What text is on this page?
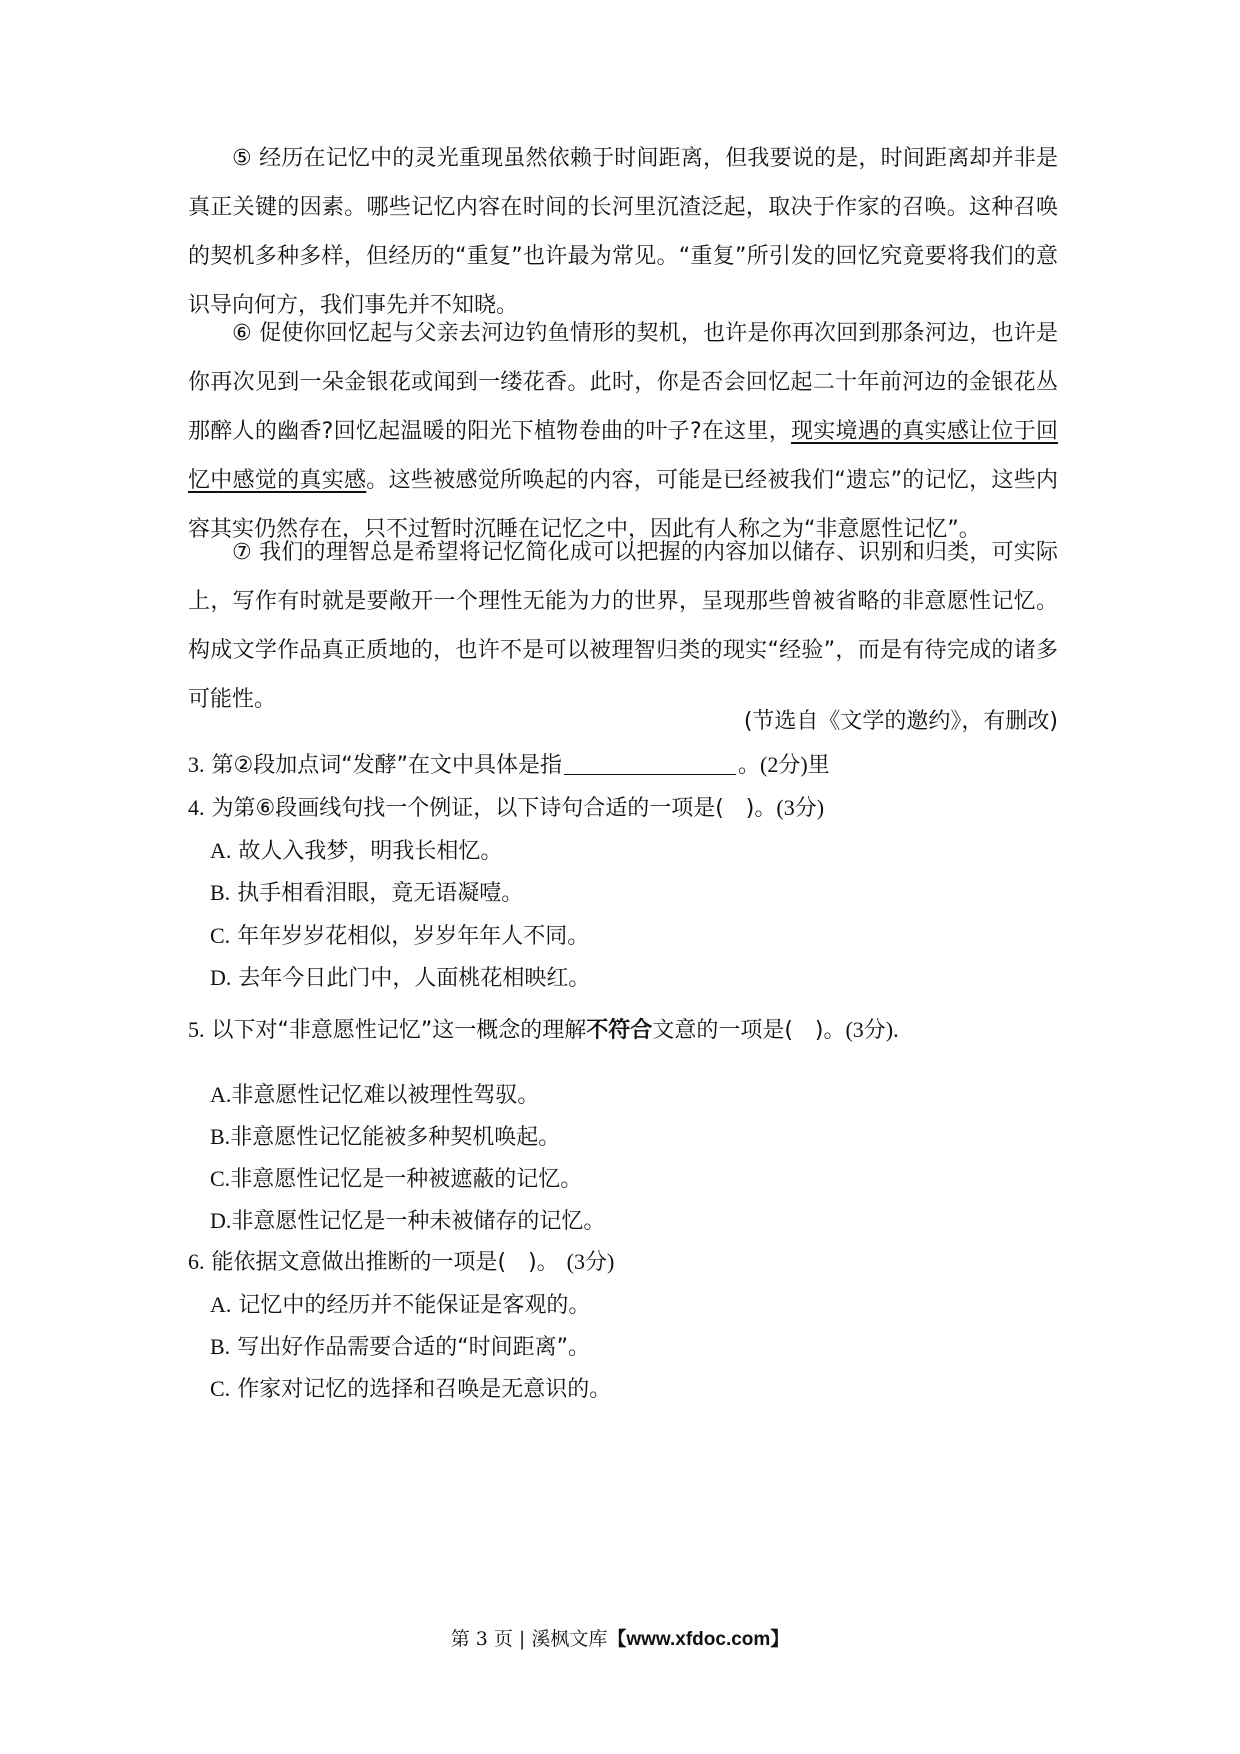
⑤ 经历在记忆中的灵光重现虽然依赖于时间距离，但我要说的是，时间距离却并非是真正关键的因素。哪些记忆内容在时间的长河里沉渣泛起，取决于作家的召唤。这种召唤的契机多种多样，但经历的“重复”也许最为常见。“重复”所引发的回忆究竟要将我们的意识导向何方，我们事先并不知晓。

⑥ 促使你回忆起与父亲去河边钓鱼情形的契机，也许是你再次回到那条河边，也许是你再次见到一朵金银花或闻到一缕花香。此时，你是否会回忆起二十年前河边的金银花丛那醉人的幽香?回忆起温暖的阳光下植物卷曲的叶子?在这里，现实境遇的真实感让位于回忆中感觉的真实感。这些被感觉所唤起的内容，可能是已经被我们“遗忘”的记忆，这些内容其实仍然存在，只不过暂时沉睡在记忆之中，因此有人称之为“非意愿性记忆”。

⑦ 我们的理智总是希望将记忆简化成可以把握的内容加以储存、识别和归类，可实际上，写作有时就是要敞开一个理性无能为力的世界，呈现那些曾被省略的非意愿性记忆。构成文学作品真正质地的，也许不是可以被理智归类的现实“经验”，而是有待完成的诸多可能性。

(节选自《文学的邀约》，有删改)

3. 第②段加点词“发酵”在文中具体是指	。(2分)里

4. 为第⑥段画线句找一个例证，以下诗句合适的一项是(　)。(3分)

A. 故人入我梦，明我长相忆。

B. 执手相看泪眼，竟无语凝噎。

C. 年年岁岁花相似，岁岁年年人不同。

D. 去年今日此门中，人面桃花相映红。

5. 以下对“非意愿性记忆”这一概念的理解不符合文意的一项是(　)。(3分).

A.非意愿性记忆难以被理性驾驭。

B.非意愿性记忆能被多种契机唤起。

C.非意愿性记忆是一种被遮蔽的记忆。

D.非意愿性记忆是一种未被储存的记忆。

6. 能依据文意做出推断的一项是(　)。 (3分)

A. 记忆中的经历并不能保证是客观的。

B. 写出好作品需要合适的“时间距离”。

C. 作家对记忆的选择和召唤是无意识的。

第 3 页 | 溪枫文库【www.xfdoc.com】
